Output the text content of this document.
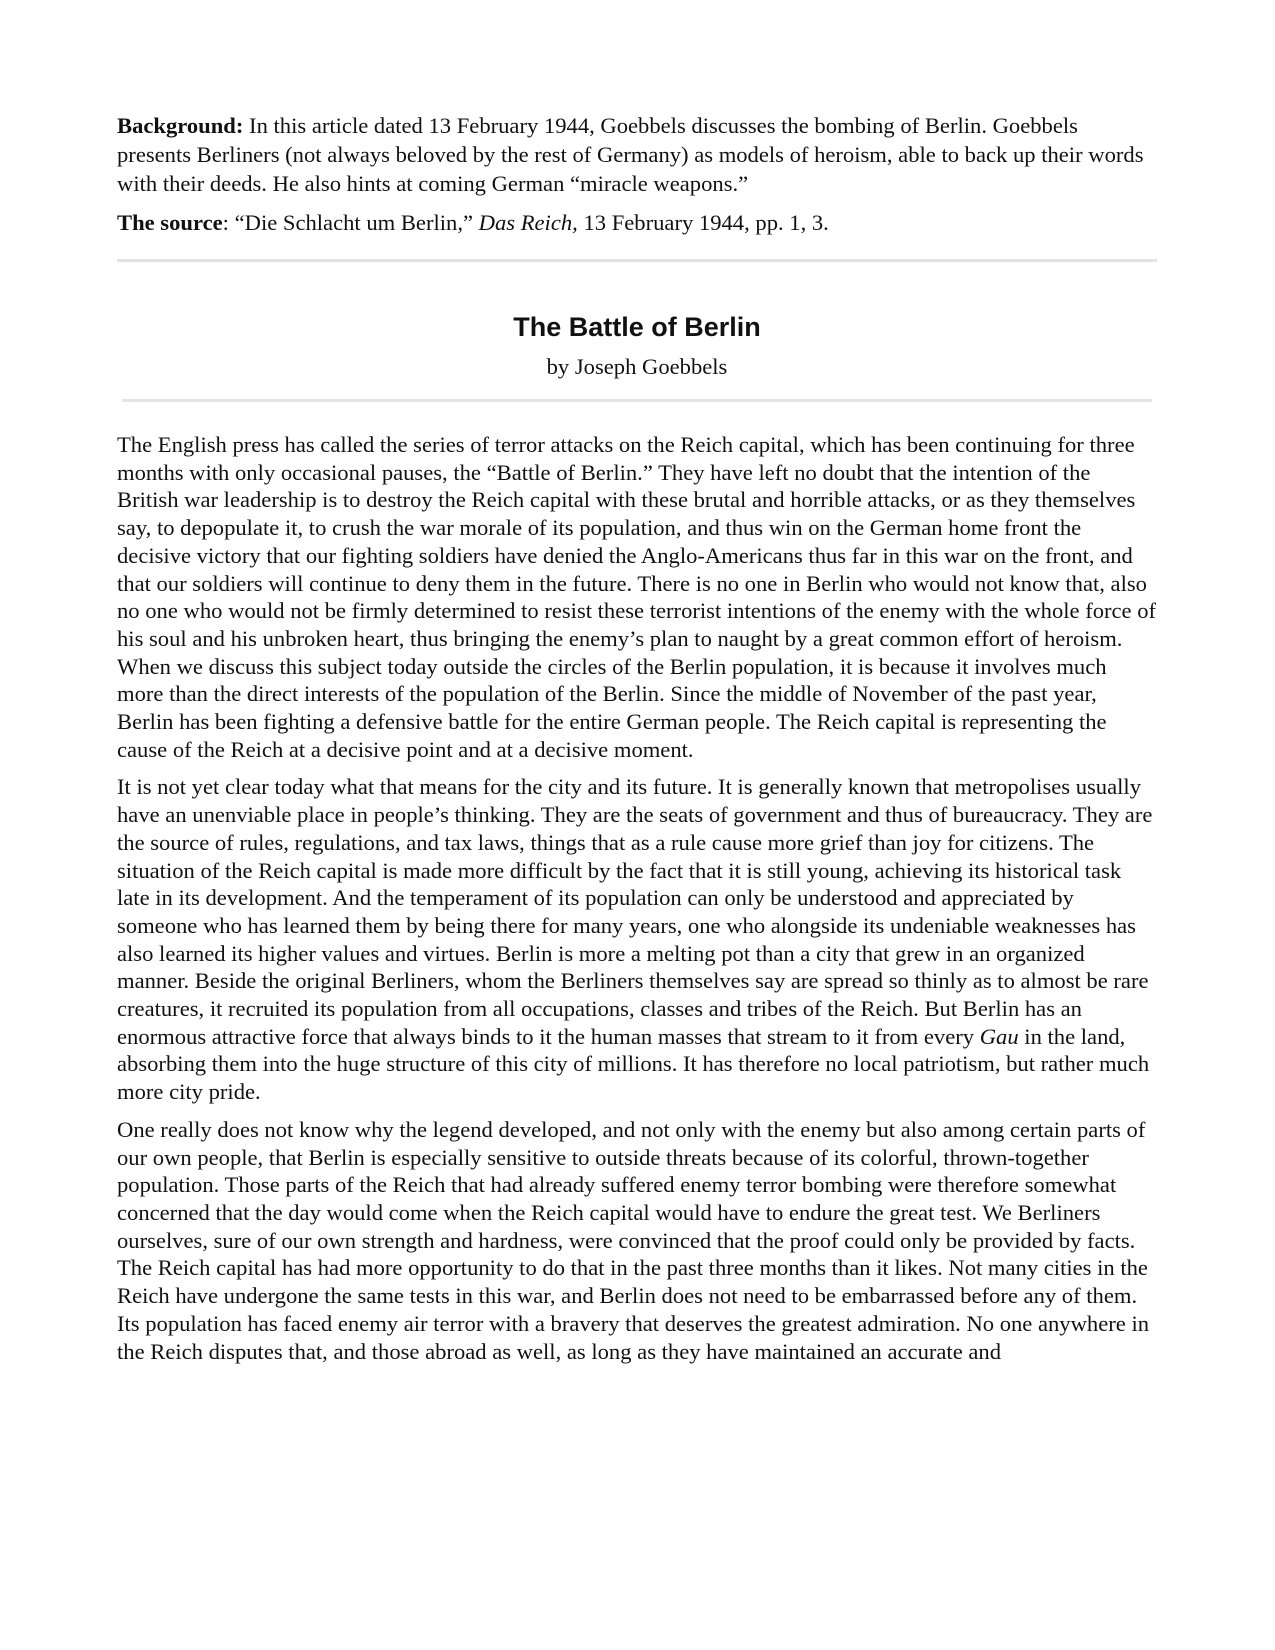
Background: In this article dated 13 February 1944, Goebbels discusses the bombing of Berlin. Goebbels presents Berliners (not always beloved by the rest of Germany) as models of heroism, able to back up their words with their deeds. He also hints at coming German “miracle weapons.”

The source: “Die Schlacht um Berlin,” Das Reich, 13 February 1944, pp. 1, 3.

The Battle of Berlin
by Joseph Goebbels

The English press has called the series of terror attacks on the Reich capital, which has been continuing for three months with only occasional pauses, the “Battle of Berlin.” They have left no doubt that the intention of the British war leadership is to destroy the Reich capital with these brutal and horrible attacks, or as they themselves say, to depopulate it, to crush the war morale of its population, and thus win on the German home front the decisive victory that our fighting soldiers have denied the Anglo-Americans thus far in this war on the front, and that our soldiers will continue to deny them in the future. There is no one in Berlin who would not know that, also no one who would not be firmly determined to resist these terrorist intentions of the enemy with the whole force of his soul and his unbroken heart, thus bringing the enemy’s plan to naught by a great common effort of heroism. When we discuss this subject today outside the circles of the Berlin population, it is because it involves much more than the direct interests of the population of the Berlin. Since the middle of November of the past year, Berlin has been fighting a defensive battle for the entire German people. The Reich capital is representing the cause of the Reich at a decisive point and at a decisive moment.

It is not yet clear today what that means for the city and its future. It is generally known that metropolises usually have an unenviable place in people’s thinking. They are the seats of government and thus of bureaucracy. They are the source of rules, regulations, and tax laws, things that as a rule cause more grief than joy for citizens. The situation of the Reich capital is made more difficult by the fact that it is still young, achieving its historical task late in its development. And the temperament of its population can only be understood and appreciated by someone who has learned them by being there for many years, one who alongside its undeniable weaknesses has also learned its higher values and virtues. Berlin is more a melting pot than a city that grew in an organized manner. Beside the original Berliners, whom the Berliners themselves say are spread so thinly as to almost be rare creatures, it recruited its population from all occupations, classes and tribes of the Reich. But Berlin has an enormous attractive force that always binds to it the human masses that stream to it from every Gau in the land, absorbing them into the huge structure of this city of millions. It has therefore no local patriotism, but rather much more city pride.

One really does not know why the legend developed, and not only with the enemy but also among certain parts of our own people, that Berlin is especially sensitive to outside threats because of its colorful, thrown-together population. Those parts of the Reich that had already suffered enemy terror bombing were therefore somewhat concerned that the day would come when the Reich capital would have to endure the great test. We Berliners ourselves, sure of our own strength and hardness, were convinced that the proof could only be provided by facts. The Reich capital has had more opportunity to do that in the past three months than it likes. Not many cities in the Reich have undergone the same tests in this war, and Berlin does not need to be embarrassed before any of them. Its population has faced enemy air terror with a bravery that deserves the greatest admiration. No one anywhere in the Reich disputes that, and those abroad as well, as long as they have maintained an accurate and
